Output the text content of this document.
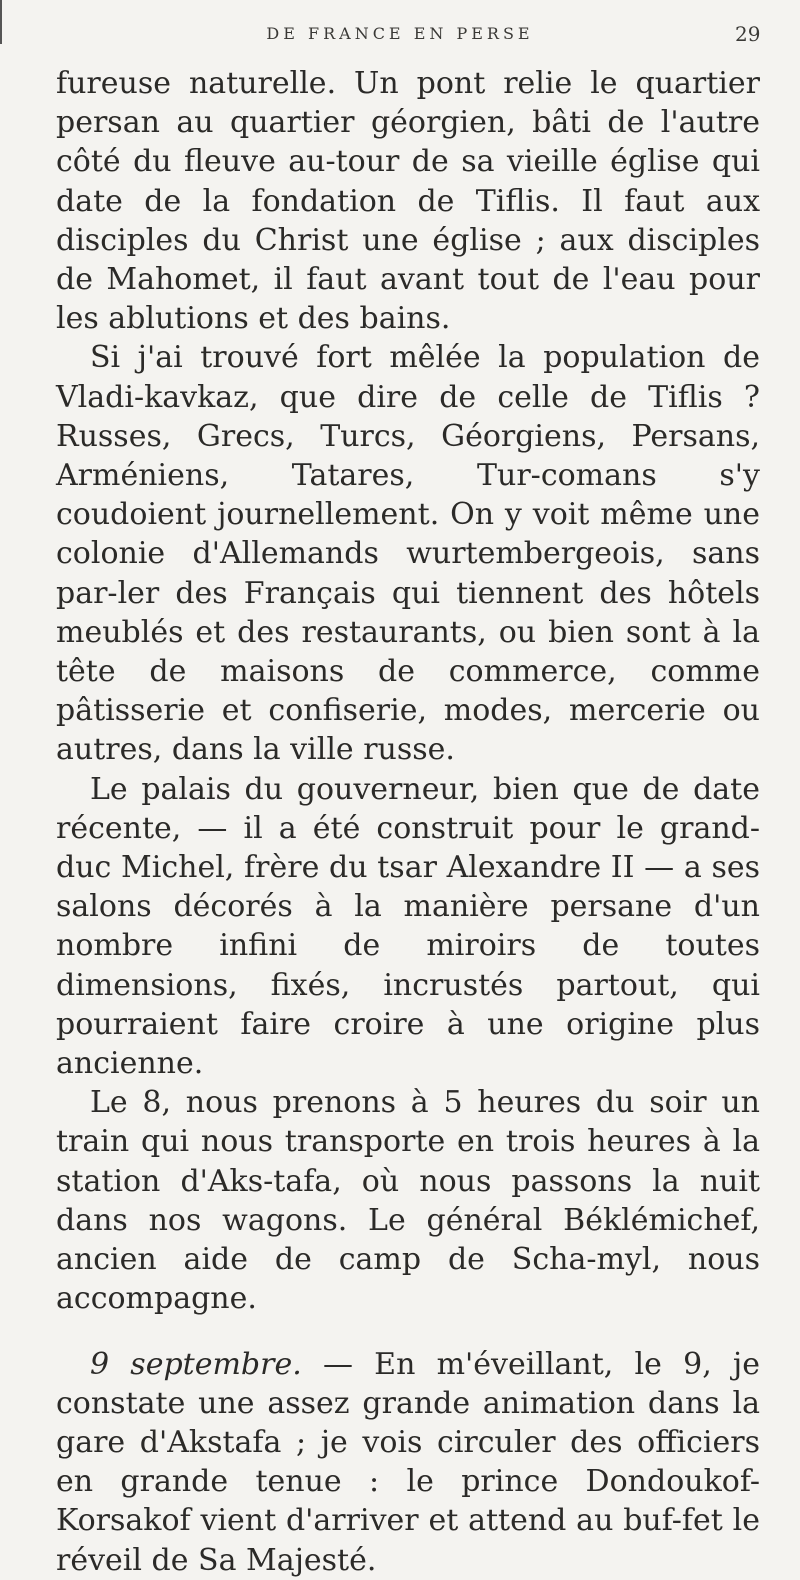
DE FRANCE EN PERSE	29

fureuse naturelle. Un pont relie le quartier persan au quartier géorgien, bâti de l'autre côté du fleuve au-tour de sa vieille église qui date de la fondation de Tiflis. Il faut aux disciples du Christ une église ; aux disciples de Mahomet, il faut avant tout de l'eau pour les ablutions et des bains.

Si j'ai trouvé fort mêlée la population de Vladi-kavkaz, que dire de celle de Tiflis ? Russes, Grecs, Turcs, Géorgiens, Persans, Arméniens, Tatares, Tur-comans s'y coudoient journellement. On y voit même une colonie d'Allemands wurtembergeois, sans par-ler des Français qui tiennent des hôtels meublés et des restaurants, ou bien sont à la tête de maisons de commerce, comme pâtisserie et confiserie, modes, mercerie ou autres, dans la ville russe.

Le palais du gouverneur, bien que de date récente, — il a été construit pour le grand-duc Michel, frère du tsar Alexandre II — a ses salons décorés à la manière persane d'un nombre infini de miroirs de toutes dimensions, fixés, incrustés partout, qui pourraient faire croire à une origine plus ancienne.

Le 8, nous prenons à 5 heures du soir un train qui nous transporte en trois heures à la station d'Aks-tafa, où nous passons la nuit dans nos wagons. Le général Béklémichef, ancien aide de camp de Scha-myl, nous accompagne.

9 septembre. — En m'éveillant, le 9, je constate une assez grande animation dans la gare d'Akstafa ; je vois circuler des officiers en grande tenue : le prince Dondoukof-Korsakof vient d'arriver et attend au buf-fet le réveil de Sa Majesté.
